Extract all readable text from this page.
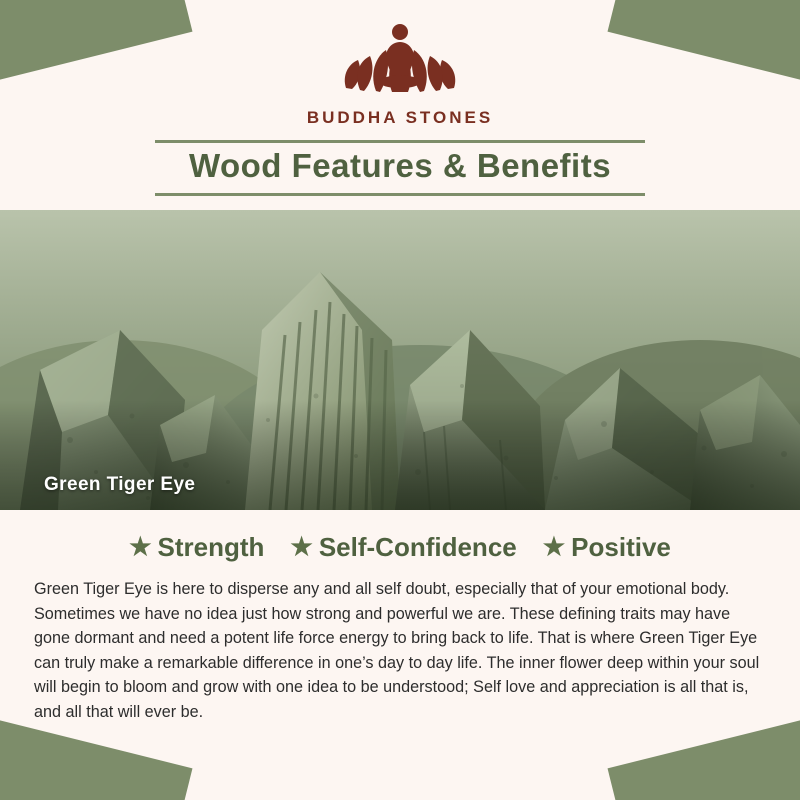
BUDDHA STONES
Wood Features & Benefits
Green Tiger Eye
★ Strength ★ Self-Confidence ★ Positive
Green Tiger Eye is here to disperse any and all self doubt, especially that of your emotional body. Sometimes we have no idea just how strong and powerful we are. These defining traits may have gone dormant and need a potent life force energy to bring back to life. That is where Green Tiger Eye can truly make a remarkable difference in one’s day to day life. The inner flower deep within your soul will begin to bloom and grow with one idea to be understood; Self love and appreciation is all that is, and all that will ever be.
